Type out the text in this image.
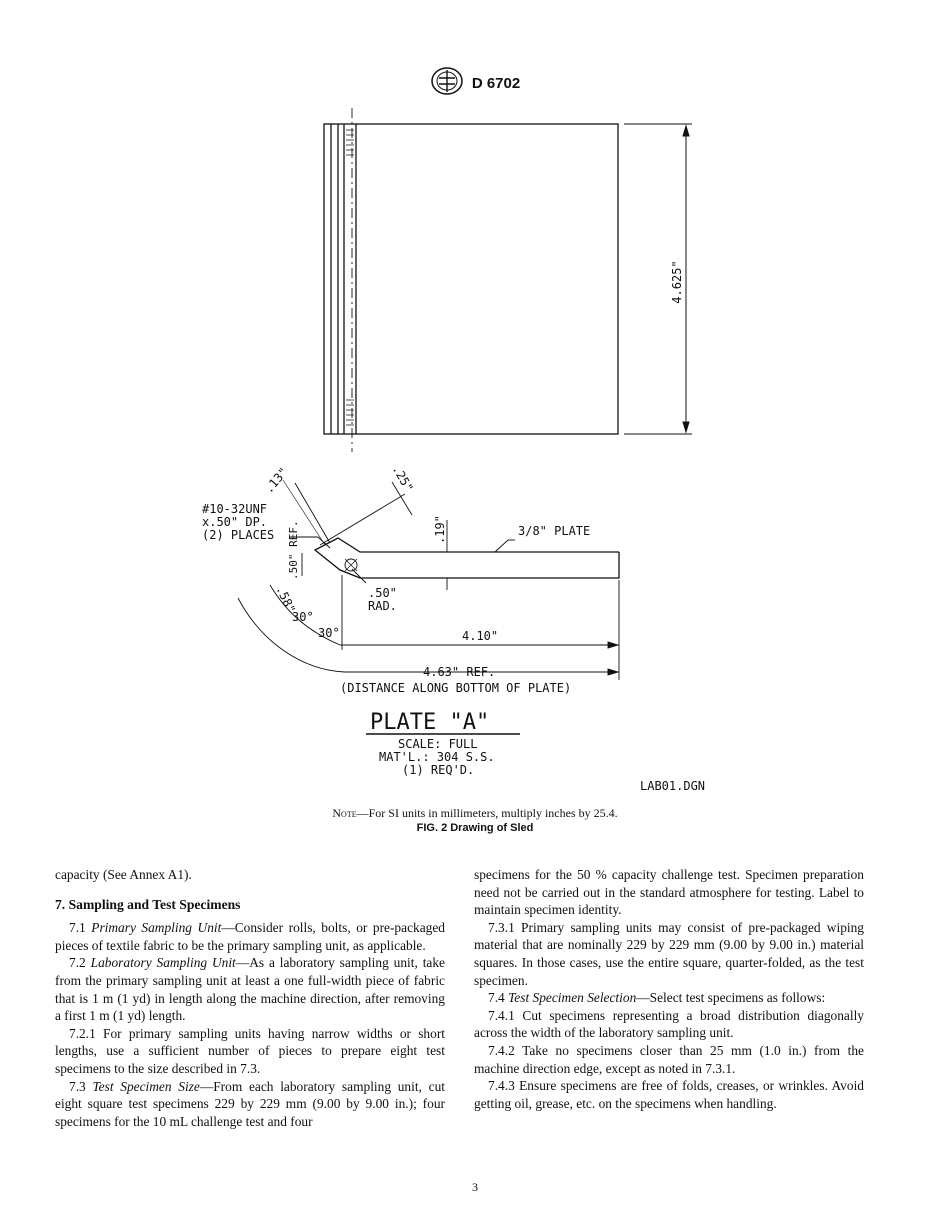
D 6702
4.625"
.13"	.25"
.19"
#10-32UNF
x.50" DP.
(2) PLACES	3/8" PLATE
.50" REF.
.50"
RAD.
.58"
30°
30°	4.10"
4.63" REF.
(DISTANCE ALONG BOTTOM OF PLATE)
PLATE "A"
SCALE: FULL
MAT'L.: 304 S.S.
(1) REQ'D.
LAB01.DGN
Note—For SI units in millimeters, multiply inches by 25.4.
FIG. 2 Drawing of Sled

capacity (See Annex A1).

7. Sampling and Test Specimens

7.1 Primary Sampling Unit—Consider rolls, bolts, or pre-packaged pieces of textile fabric to be the primary sampling unit, as applicable.

7.2 Laboratory Sampling Unit—As a laboratory sampling unit, take from the primary sampling unit at least a one full-width piece of fabric that is 1 m (1 yd) in length along the machine direction, after removing a first 1 m (1 yd) length.

7.2.1 For primary sampling units having narrow widths or short lengths, use a sufficient number of pieces to prepare eight test specimens to the size described in 7.3.

7.3 Test Specimen Size—From each laboratory sampling unit, cut eight square test specimens 229 by 229 mm (9.00 by 9.00 in.); four specimens for the 10 mL challenge test and four

specimens for the 50 % capacity challenge test. Specimen preparation need not be carried out in the standard atmosphere for testing. Label to maintain specimen identity.

7.3.1 Primary sampling units may consist of pre-packaged wiping material that are nominally 229 by 229 mm (9.00 by 9.00 in.) material squares. In those cases, use the entire square, quarter-folded, as the test specimen.

7.4 Test Specimen Selection—Select test specimens as follows:

7.4.1 Cut specimens representing a broad distribution diagonally across the width of the laboratory sampling unit.

7.4.2 Take no specimens closer than 25 mm (1.0 in.) from the machine direction edge, except as noted in 7.3.1.

7.4.3 Ensure specimens are free of folds, creases, or wrinkles. Avoid getting oil, grease, etc. on the specimens when handling.

3
